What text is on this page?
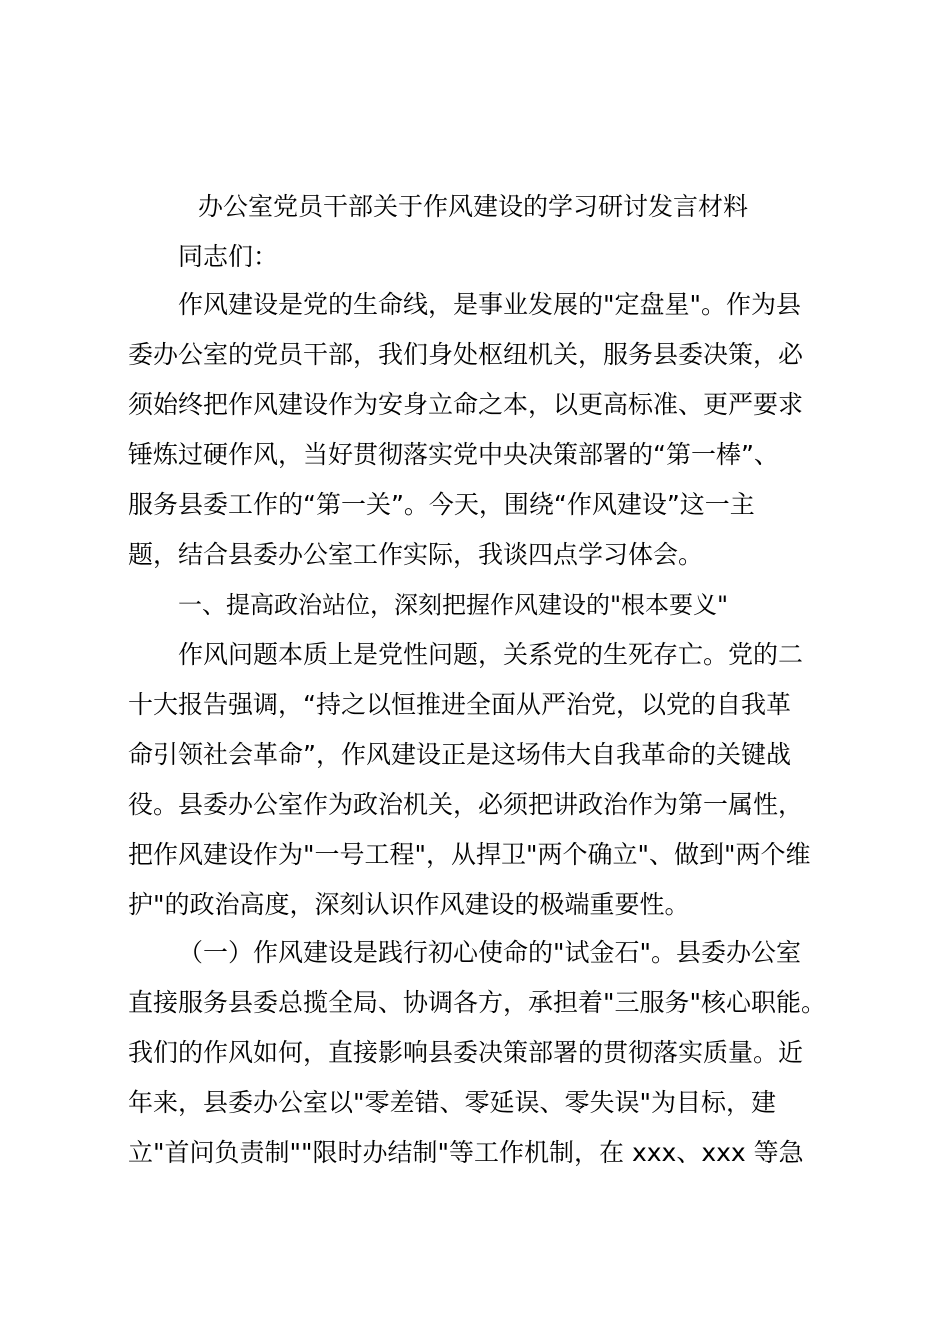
办公室党员干部关于作风建设的学习研讨发言材料
同志们：
作风建设是党的生命线，是事业发展的"定盘星"。作为县
委办公室的党员干部，我们身处枢纽机关，服务县委决策，必
须始终把作风建设作为安身立命之本，以更高标准、更严要求
锤炼过硬作风，当好贯彻落实党中央决策部署的“第一棒”、
服务县委工作的“第一关”。今天，围绕“作风建设”这一主
题，结合县委办公室工作实际，我谈四点学习体会。
一、提高政治站位，深刻把握作风建设的"根本要义"
作风问题本质上是党性问题，关系党的生死存亡。党的二
十大报告强调，“持之以恒推进全面从严治党，以党的自我革
命引领社会革命”，作风建设正是这场伟大自我革命的关键战
役。县委办公室作为政治机关，必须把讲政治作为第一属性，
把作风建设作为"一号工程"，从捍卫"两个确立"、做到"两个维
护"的政治高度，深刻认识作风建设的极端重要性。
（一）作风建设是践行初心使命的"试金石"。县委办公室
直接服务县委总揽全局、协调各方，承担着"三服务"核心职能。
我们的作风如何，直接影响县委决策部署的贯彻落实质量。近
年来，县委办公室以"零差错、零延误、零失误"为目标，建
立"首问负责制""限时办结制"等工作机制，在 xxx、xxx 等急
